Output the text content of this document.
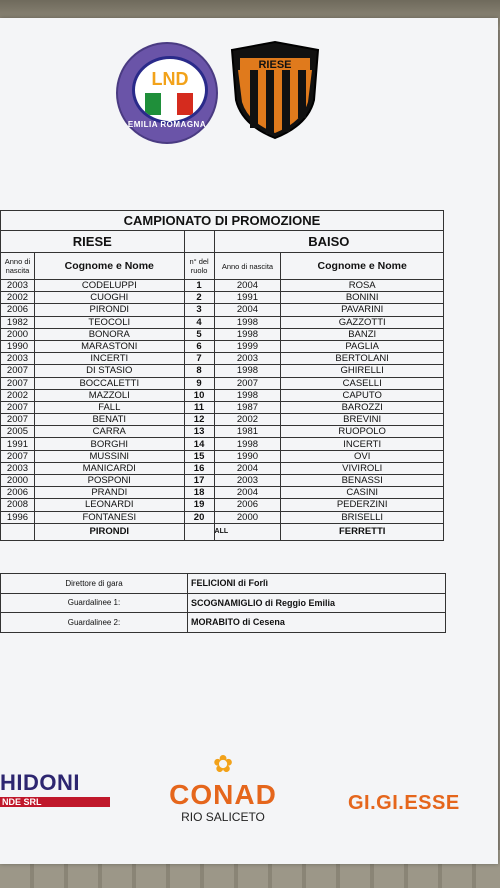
LND
EMILIA ROMAGNA
RIESE
CAMPIONATO DI PROMOZIONE				
RIESE			BAISO	
Anno di nascita	Cognome e Nome	n° del ruolo	Anno di nascita	Cognome e Nome
2003	CODELUPPI	1	2004	ROSA
2002	CUOGHI	2	1991	BONINI
2006	PIRONDI	3	2004	PAVARINI
1982	TEOCOLI	4	1998	GAZZOTTI
2000	BONORA	5	1998	BANZI
1990	MARASTONI	6	1999	PAGLIA
2003	INCERTI	7	2003	BERTOLANI
2007	DI STASIO	8	1998	GHIRELLI
2007	BOCCALETTI	9	2007	CASELLI
2002	MAZZOLI	10	1998	CAPUTO
2007	FALL	11	1987	BAROZZI
2007	BENATI	12	2002	BREVINI
2005	CARRA	13	1981	RUOPOLO
1991	BORGHI	14	1998	INCERTI
2007	MUSSINI	15	1990	OVI
2003	MANICARDI	16	2004	VIVIROLI
2000	POSPONI	17	2003	BENASSI
2006	PRANDI	18	2004	CASINI
2008	LEONARDI	19	2006	PEDERZINI
1996	FONTANESI	20	2000	BRISELLI
	PIRONDI		ALL	FERRETTI
Direttore di gara	FELICIONI di Forlì
Guardalinee 1:	SCOGNAMIGLIO di Reggio Emilia
Guardalinee 2:	MORABITO di Cesena
HIDONI
NDE SRL
✿
CONAD
RIO SALICETO
GI.GI.ESSE
